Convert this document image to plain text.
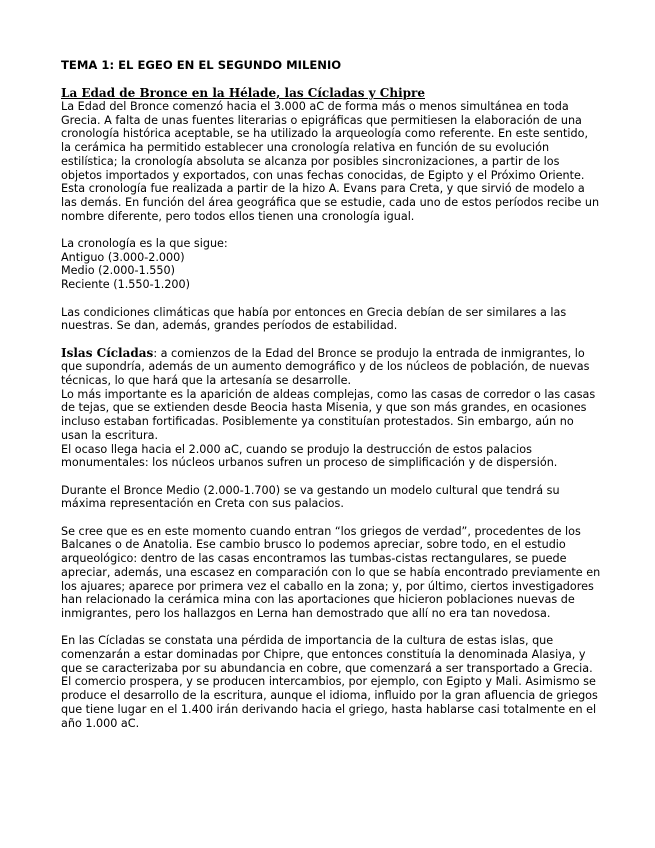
TEMA 1: EL EGEO EN EL SEGUNDO MILENIO
La Edad de Bronce en la Hélade, las Cícladas y Chipre

La Edad del Bronce comenzó hacia el 3.000 aC de forma más o menos simultánea en toda Grecia. A falta de unas fuentes literarias o epigráficas que permitiesen la elaboración de una cronología histórica aceptable, se ha utilizado la arqueología como referente. En este sentido, la cerámica ha permitido establecer una cronología relativa en función de su evolución estilística; la cronología absoluta se alcanza por posibles sincronizaciones, a partir de los objetos importados y exportados, con unas fechas conocidas, de Egipto y el Próximo Oriente. Esta cronología fue realizada a partir de la hizo A. Evans para Creta, y que sirvió de modelo a las demás. En función del área geográfica que se estudie, cada uno de estos períodos recibe un nombre diferente, pero todos ellos tienen una cronología igual.

La cronología es la que sigue:

Antiguo (3.000-2.000)
Medio (2.000-1.550)
Reciente (1.550-1.200)

Las condiciones climáticas que había por entonces en Grecia debían de ser similares a las nuestras. Se dan, además, grandes períodos de estabilidad.

Islas Cícladas: a comienzos de la Edad del Bronce se produjo la entrada de inmigrantes, lo que supondría, además de un aumento demográfico y de los núcleos de población, de nuevas técnicas, lo que hará que la artesanía se desarrolle.

Lo más importante es la aparición de aldeas complejas, como las casas de corredor o las casas de tejas, que se extienden desde Beocia hasta Misenia, y que son más grandes, en ocasiones incluso estaban fortificadas. Posiblemente ya constituían protestados. Sin embargo, aún no usan la escritura.

El ocaso llega hacia el 2.000 aC, cuando se produjo la destrucción de estos palacios monumentales: los núcleos urbanos sufren un proceso de simplificación y de dispersión.

Durante el Bronce Medio (2.000-1.700) se va gestando un modelo cultural que tendrá su máxima representación en Creta con sus palacios.

Se cree que es en este momento cuando entran “los griegos de verdad”, procedentes de los Balcanes o de Anatolia. Ese cambio brusco lo podemos apreciar, sobre todo, en el estudio arqueológico: dentro de las casas encontramos las tumbas-cistas rectangulares, se puede apreciar, además, una escasez en comparación con lo que se había encontrado previamente en los ajuares; aparece por primera vez el caballo en la zona; y, por último, ciertos investigadores han relacionado la cerámica mina con las aportaciones que hicieron poblaciones nuevas de inmigrantes, pero los hallazgos en Lerna han demostrado que allí no era tan novedosa.

En las Cícladas se constata una pérdida de importancia de la cultura de estas islas, que comenzarán a estar dominadas por Chipre, que entonces constituía la denominada Alasiya, y que se caracterizaba por su abundancia en cobre, que comenzará a ser transportado a Grecia.

El comercio prospera, y se producen intercambios, por ejemplo, con Egipto y Mali. Asimismo se produce el desarrollo de la escritura, aunque el idioma, influido por la gran afluencia de griegos que tiene lugar en el 1.400 irán derivando hacia el griego, hasta hablarse casi totalmente en el año 1.000 aC.
